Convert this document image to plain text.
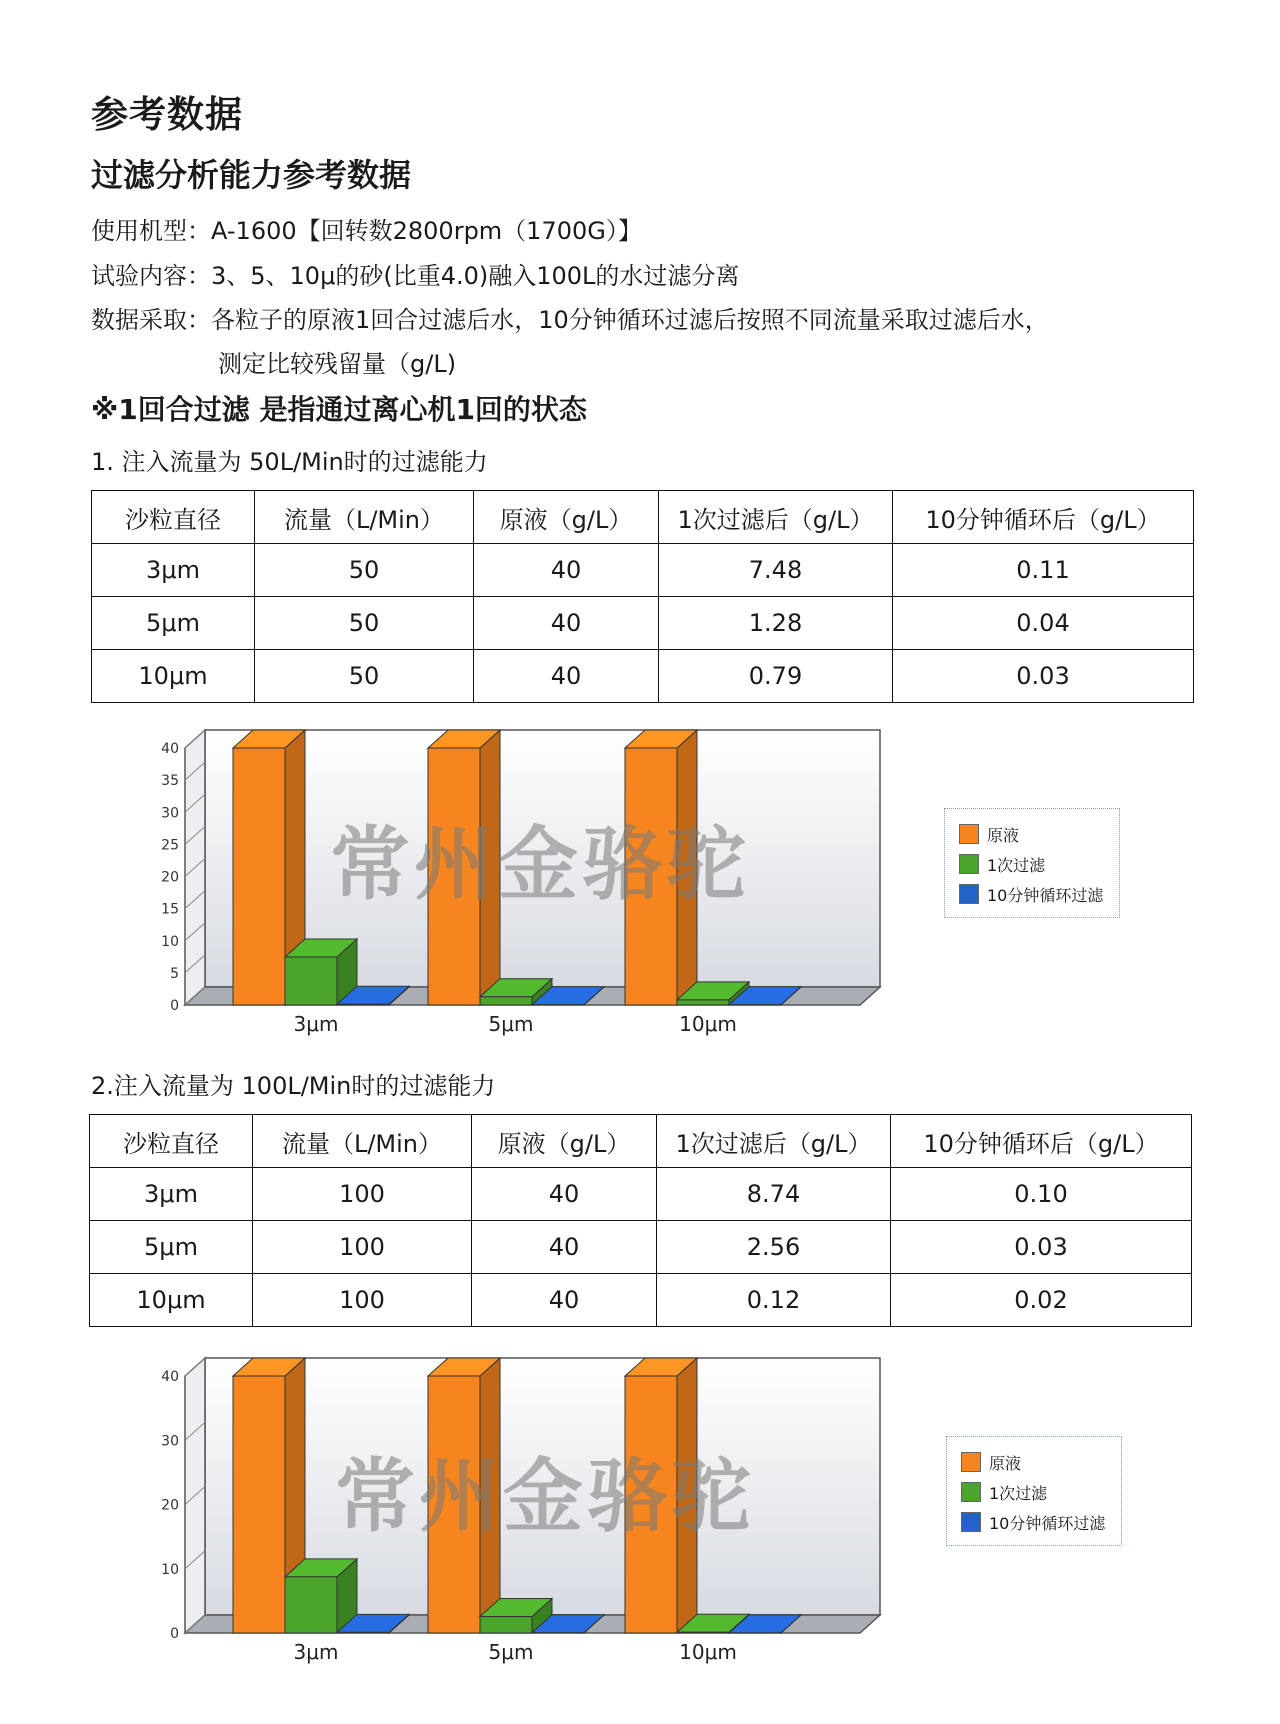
参考数据
过滤分析能力参考数据
使用机型：A-1600【回转数2800rpm（1700G）】
试验内容：3、5、10μ的砂(比重4.0)融入100L的水过滤分离
数据采取：各粒子的原液1回合过滤后水，10分钟循环过滤后按照不同流量采取过滤后水，
测定比较残留量（g/L)
※1回合过滤 是指通过离心机1回的状态
1. 注入流量为 50L/Min时的过滤能力
沙粒直径	流量（L/Min）	原液（g/L）	1次过滤后（g/L）	10分钟循环后（g/L）
3μm	50	40	7.48	0.11
5μm	50	40	1.28	0.04
10μm	50	40	0.79	0.03
0
5
10
15
20
25
30
35
40
3μm	5μm	10μm
常州金骆驼	原液
1次过滤
10分钟循环过滤
2.注入流量为 100L/Min时的过滤能力
沙粒直径	流量（L/Min）	原液（g/L）	1次过滤后（g/L）	10分钟循环后（g/L）
3μm	100	40	8.74	0.10
5μm	100	40	2.56	0.03
10μm	100	40	0.12	0.02
0
10
20
30
40
3μm	5μm	10μm
常州金骆驼	原液
1次过滤
10分钟循环过滤
